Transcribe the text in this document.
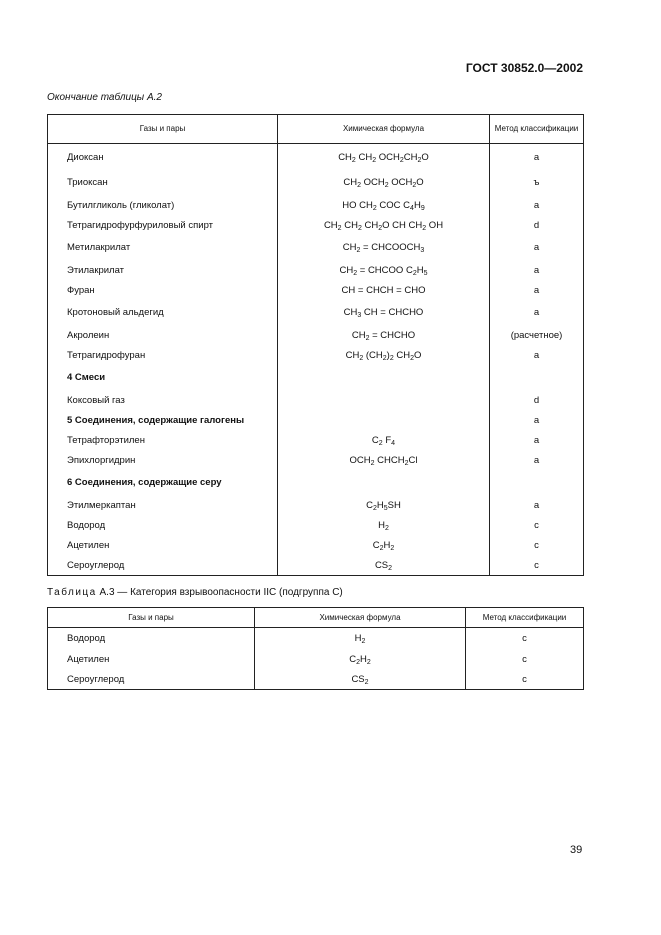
ГОСТ 30852.0—2002
Окончание таблицы А.2
Газы и пары	Химическая формула	Метод классификации
Диоксан	$CH_2$ $CH_2$ $OCH_2CH_2O$	a
Триоксан	$CH_2$ $OCH_2$ $OCH_2O$	ъ
Бутилгликоль (гликолат)	HO $CH_2$ COC $C_4H_9$	a
Тетрагидрофурфуриловый спирт	$CH_2$ $CH_2$ $CH_2O$ CH $CH_2$ OH	d
Метилакрилат	$CH_2$ = $CHCOOCH_3$	a
Этилакрилат	$CH_2$ = CHCOO $C_2H_5$	a
Фуран	CH = CHCH = CHO	a
Кротоновый альдегид	$CH_3$ CH = CHCHO	a
Акролеин	$CH_2$ = CHCHO	(расчетное)
Тетрагидрофуран	$CH_2$ $(CH_2)_2$ $CH_2O$	a
4 Смеси		
Коксовый газ		d
5 Соединения, содержащие галогены		a
Тетрафторэтилен	$C_2$ $F_4$	a
Эпихлоргидрин	$OCH_2$ $CHCH_2Cl$	a
6 Соединения, содержащие серу		
Этилмеркаптан	$C_2H_5SH$	a
Водород	$H_2$	c
Ацетилен	$C_2H_2$	c
Сероуглерод	$CS_2$	c
Таблица А.3 — Категория взрывоопасности IIC (подгруппа С)
Газы и пары	Химическая формула	Метод классификации
Водород	$H_2$	c
Ацетилен	$C_2H_2$	c
Сероуглерод	$CS_2$	c
39
